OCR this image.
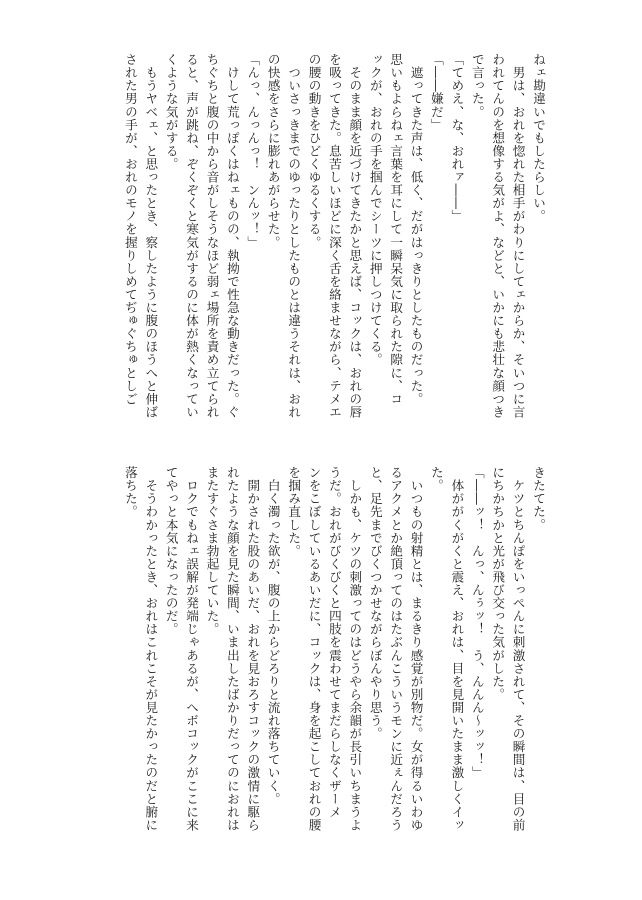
ねェ勘違いでもしたらしい。
　男は、おれを惚れた相手がわりにしてェからか、そいつに言
われてんのを想像する気がよ、などと、いかにも悲壮な顔つき
で言った。
「てめえ、な、おれァ――」
「――嫌だ」
　遮ってきた声は、低く、だがはっきりとしたものだった。
思いもよらねェ言葉を耳にして一瞬呆気に取られた隙に、コ
ックが、おれの手を掴んでシーツに押しつけてくる。
　そのまま顔を近づけてきたかと思えば、コックは、おれの唇
を吸ってきた。息苦しいほどに深く舌を絡ませながら、テメエ
の腰の動きをひどくゆるくする。
　ついさっきまでのゆったりとしたものとは違うそれは、おれ
の快感をさらに膨れあがらせた。
「んっ、んっんっ！　ンんッ！」
　けして荒っぽくはねェものの、執拗で性急な動きだった。ぐ
ちぐちと腹の中から音がしそうなほど弱ェ場所を責め立てられ
ると、声が跳ね、ぞくぞくと寒気がするのに体が熱くなってい
くような気がする。
　もうヤベェ、と思ったとき、察したように腹のほうへと伸ば
された男の手が、おれのモノを握りしめてぢゅぐちゅとしご
きたてた。
　ケツとちんぽをいっぺんに刺激されて、その瞬間は、目の前
にちかちかと光が飛び交った気がした。
「――ッ！　んっ、んぅッ！　う、んんん〜ッッ！」
　体ががくがくと震え、おれは、目を見開いたまま激しくイッ
た。
　いつもの射精とは、まるきり感覚が別物だ。女が得るいわゆ
るアクメとか絶頂ってのはたぶんこういうモンに近ぇんだろう
と、足先までびくつかせながらぼんやり思う。
　しかも、ケツの刺激ってのはどうやら余韻が長引いちまうよ
うだ。おれがびくびくと四肢を震わせてまだらしなくザーメ
ンをこぼしているあいだに、コックは、身を起こしておれの腰
を掴み直した。
　白く濁った欲が、腹の上からどろりと流れ落ちていく。
　開かされた股のあいだ、おれを見おろすコックの激情に駆ら
れたような顔を見た瞬間、いま出したばかりだってのにおれは
またすぐさま勃起していた。
　ロクでもねェ誤解が発端じゃあるが、へボコックがここに来
てやっと本気になったのだ。
　そうわかったとき、おれはこれこそが見たかったのだと腑に
落ちた。
